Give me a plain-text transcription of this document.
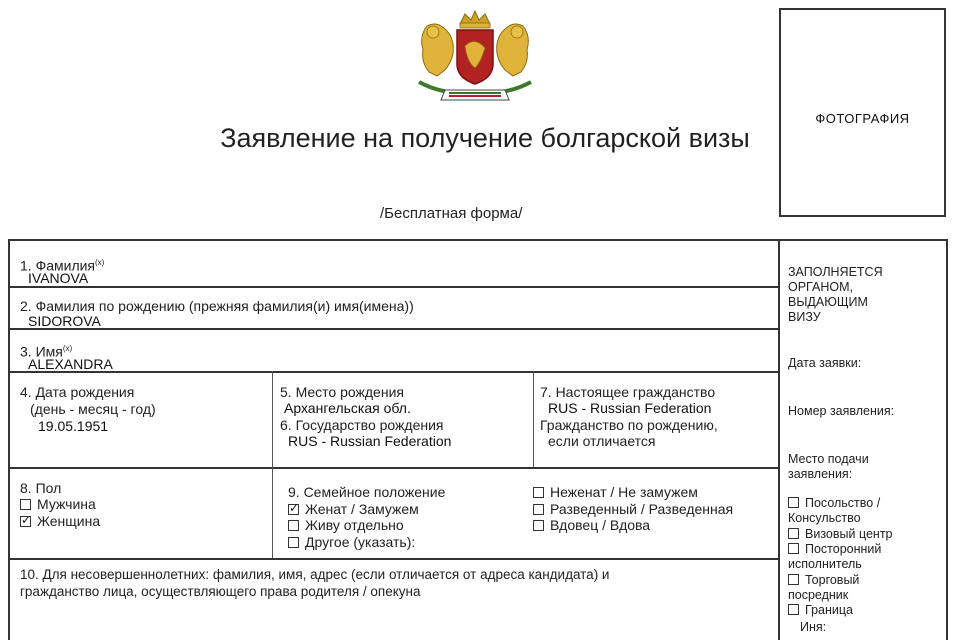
Заявление на получение болгарской визы
/Бесплатная форма/
ФОТОГРАФИЯ
1. Фамилия$^{(x)}$
IVANOVA
2. Фамилия по рождению (прежняя фамилия(и) имя(имена))
SIDOROVA
3. Имя$^{(x)}$
ALEXANDRA
4. Дата рождения
(день - месяц - год)
19.05.1951
5. Место рождения
Архангельская обл.
6. Государство рождения
RUS - Russian Federation
7. Настоящее гражданство
RUS - Russian Federation
Гражданство по рождению,
если отличается
8. Пол
Мужчина
✓Женщина
9. Семейное положение
✓Женат / Замужем
Живу отдельно
Другое (указать):
Неженат / Не замужем
Разведенный / Разведенная
Вдовец / Вдова
10. Для несовершеннолетних: фамилия, имя, адрес (если отличается от адреса кандидата) и
гражданство лица, осуществляющего права родителя / опекуна
ЗАПОЛНЯЕТСЯ
ОРГАНОМ,
ВЫДАЮЩИМ
ВИЗУ
Дата заявки:
Номер заявления:
Место подачи
заявления:
Посольство /
Консульство
Визовый центр
Посторонний
исполнитель
Торговый
посредник
Граница
Иня:
